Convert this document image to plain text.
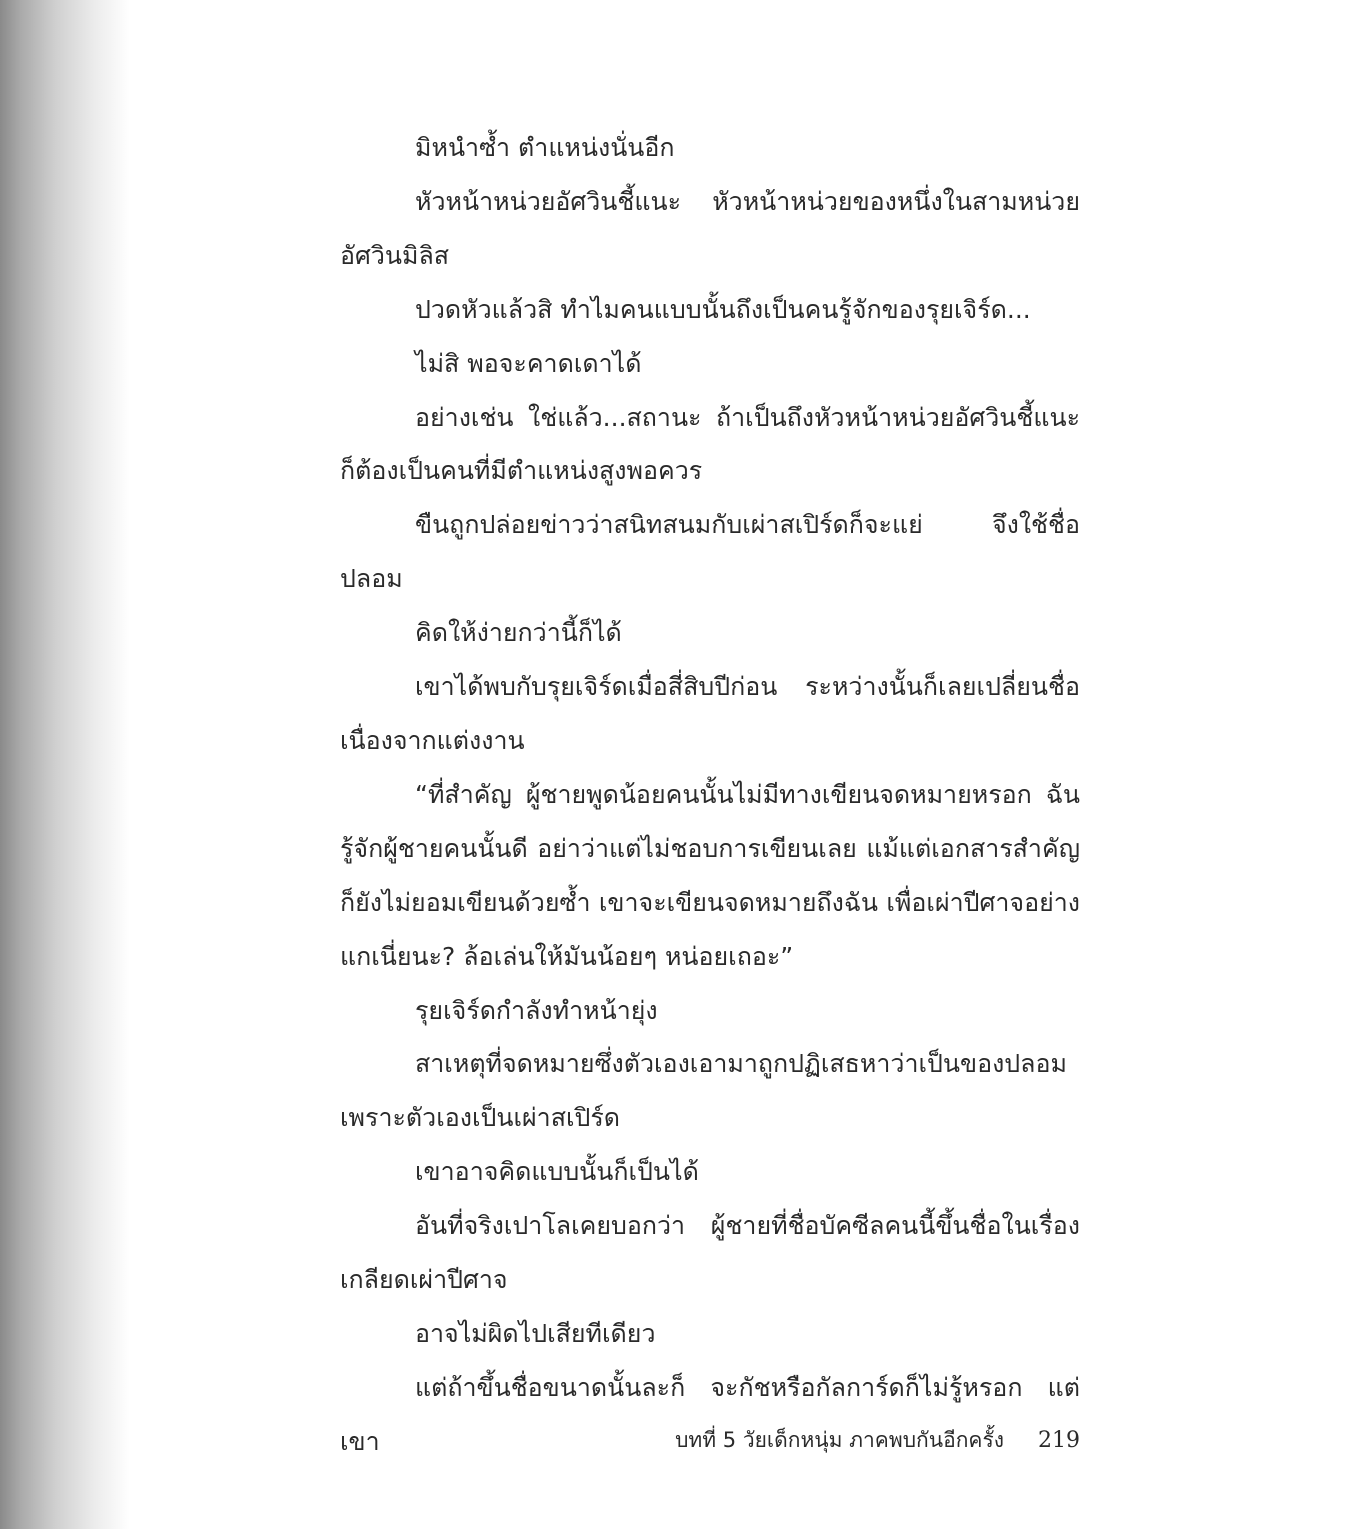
มิหนำซ้ำ ตำแหน่งนั่นอีก

หัวหน้าหน่วยอัศวินชี้แนะ หัวหน้าหน่วยของหนึ่งในสามหน่วยอัศวินมิลิส

ปวดหัวแล้วสิ ทำไมคนแบบนั้นถึงเป็นคนรู้จักของรุยเจิร์ด...

ไม่สิ พอจะคาดเดาได้

อย่างเช่น ใช่แล้ว...สถานะ ถ้าเป็นถึงหัวหน้าหน่วยอัศวินชี้แนะก็ต้องเป็นคนที่มีตำแหน่งสูงพอควร

ขืนถูกปล่อยข่าวว่าสนิทสนมกับเผ่าสเปิร์ดก็จะแย่ จึงใช้ชื่อปลอม

คิดให้ง่ายกว่านี้ก็ได้

เขาได้พบกับรุยเจิร์ดเมื่อสี่สิบปีก่อน ระหว่างนั้นก็เลยเปลี่ยนชื่อเนื่องจากแต่งงาน

“ที่สำคัญ ผู้ชายพูดน้อยคนนั้นไม่มีทางเขียนจดหมายหรอก ฉันรู้จักผู้ชายคนนั้นดี อย่าว่าแต่ไม่ชอบการเขียนเลย แม้แต่เอกสารสำคัญก็ยังไม่ยอมเขียนด้วยซ้ำ เขาจะเขียนจดหมายถึงฉัน เพื่อเผ่าปีศาจอย่างแกเนี่ยนะ? ล้อเล่นให้มันน้อยๆ หน่อยเถอะ”

รุยเจิร์ดกำลังทำหน้ายุ่ง

สาเหตุที่จดหมายซึ่งตัวเองเอามาถูกปฏิเสธหาว่าเป็นของปลอมเพราะตัวเองเป็นเผ่าสเปิร์ด

เขาอาจคิดแบบนั้นก็เป็นได้

อันที่จริงเปาโลเคยบอกว่า ผู้ชายที่ชื่อบัคซีลคนนี้ขึ้นชื่อในเรื่องเกลียดเผ่าปีศาจ

อาจไม่ผิดไปเสียทีเดียว

แต่ถ้าขึ้นชื่อขนาดนั้นละก็ จะกัชหรือกัลการ์ดก็ไม่รู้หรอก แต่เขา	บทที่ 5 วัยเด็กหนุ่ม ภาคพบกันอีกครั้ง 219
